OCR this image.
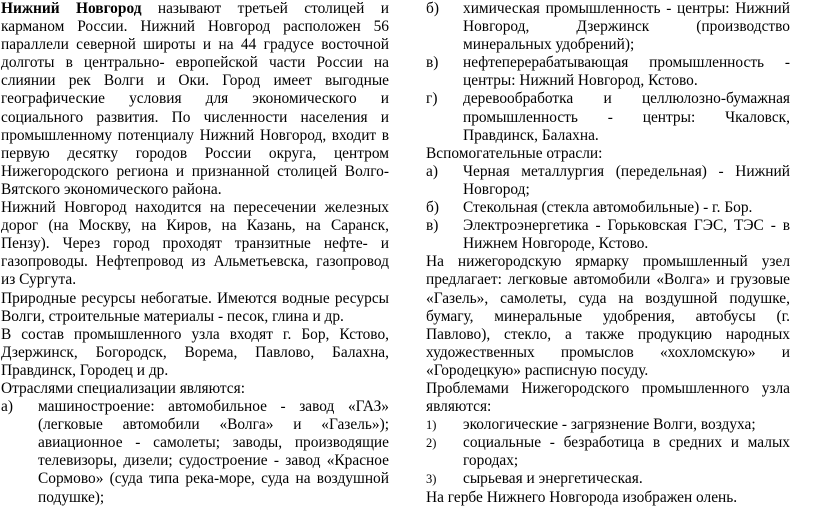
Нижний Новгород называют третьей столицей и карманом России. Нижний Новгород расположен 56 параллели северной широты и на 44 градусе восточной долготы в центрально- европейской части России на слиянии рек Волги и Оки. Город имеет выгодные географические условия для экономического и социального развития. По численности населения и промышленному потенциалу Нижний Новгород, входит в первую десятку городов России округа, центром Нижегородского региона и признанной столицей Волго-Вятского экономического района.

Нижний Новгород находится на пересечении железных дорог (на Москву, на Киров, на Казань, на Саранск, Пензу). Через город проходят транзитные нефте- и газопроводы. Нефтепровод из Альметьевска, газопровод из Сургута.

Природные ресурсы небогатые. Имеются водные ресурсы Волги, строительные материалы - песок, глина и др.

В состав промышленного узла входят г. Бор, Кстово, Дзержинск, Богородск, Ворема, Павлово, Балахна, Правдинск, Городец и др.

Отраслями специализации являются:

а)	машиностроение: автомобильное - завод «ГАЗ» (легковые автомобили «Волга» и «Газель»); авиационное - самолеты; заводы, производящие телевизоры, дизели; судостроение - завод «Красное Сормово» (суда типа река-море, суда на воздушной подушке);
б)	химическая промышленность - центры: Нижний Новгород, Дзержинск (производство минеральных удобрений);
в)	нефтеперерабатывающая промышленность - центры: Нижний Новгород, Кстово.
г)	деревообработка и целлюлозно-бумажная промышленность - центры: Чкаловск, Правдинск, Балахна.

Вспомогательные отрасли:

а)	Черная металлургия (передельная) - Нижний Новгород;
б)	Стекольная (стекла автомобильные) - г. Бор.
в)	Электроэнергетика - Горьковская ГЭС, ТЭС - в Нижнем Новгороде, Кстово.

На нижегородскую ярмарку промышленный узел предлагает: легковые автомобили «Волга» и грузовые «Газель», самолеты, суда на воздушной подушке, бумагу, минеральные удобрения, автобусы (г. Павлово), стекло, а также продукцию народных художественных промыслов «хохломскую» и «Городецкую» расписную посуду.

Проблемами Нижегородского промышленного узла являются:

1)	экологические - загрязнение Волги, воздуха;
2)	социальные - безработица в средних и малых городах;
3)	сырьевая и энергетическая.

На гербе Нижнего Новгорода изображен олень.
